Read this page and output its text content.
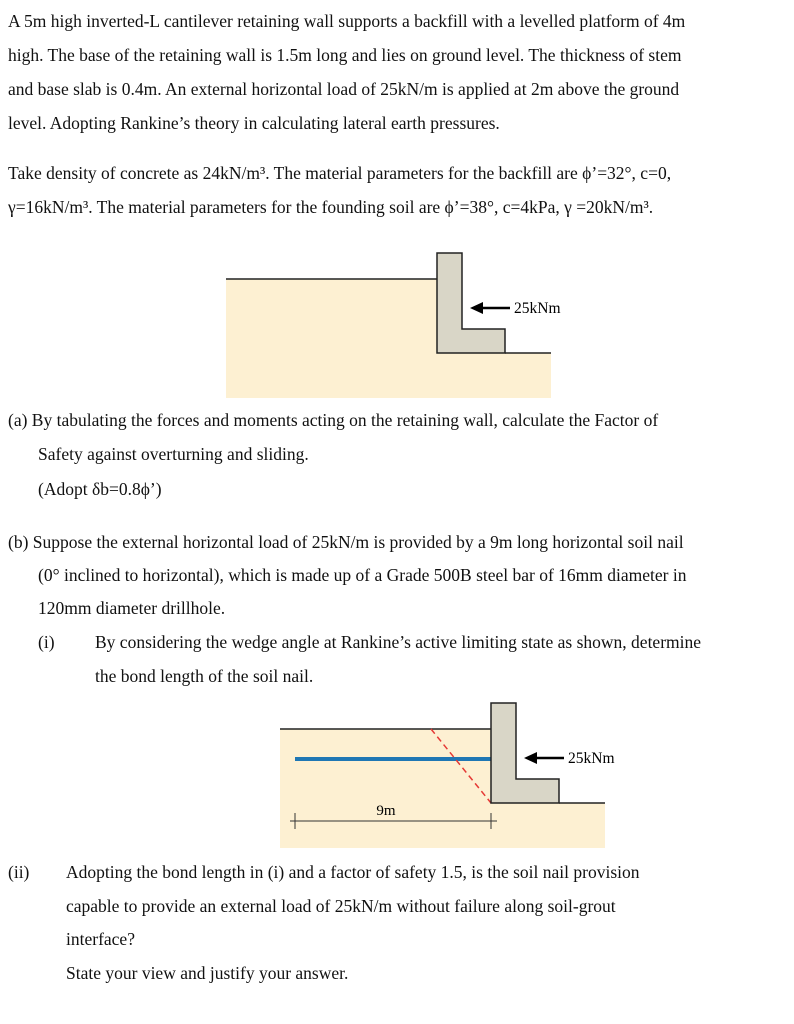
A 5m high inverted-L cantilever retaining wall supports a backfill with a levelled platform of 4m

high. The base of the retaining wall is 1.5m long and lies on ground level. The thickness of stem

and base slab is 0.4m. An external horizontal load of 25kN/m is applied at 2m above the ground

level. Adopting Rankine’s theory in calculating lateral earth pressures.

Take density of concrete as 24kN/m³. The material parameters for the backfill are ϕ’=32°, c=0,

γ=16kN/m³. The material parameters for the founding soil are ϕ’=38°, c=4kPa, γ =20kN/m³.

25kNm
(a) By tabulating the forces and moments acting on the retaining wall, calculate the Factor of
Safety against overturning and sliding.
(Adopt δb=0.8ϕ’)
(b) Suppose the external horizontal load of 25kN/m is provided by a 9m long horizontal soil nail
(0° inclined to horizontal), which is made up of a Grade 500B steel bar of 16mm diameter in
120mm diameter drillhole.
(i) By considering the wedge angle at Rankine’s active limiting state as shown, determine
the bond length of the soil nail.
25kNm
9m
(ii) Adopting the bond length in (i) and a factor of safety 1.5, is the soil nail provision
capable to provide an external load of 25kN/m without failure along soil-grout
interface?
State your view and justify your answer.
